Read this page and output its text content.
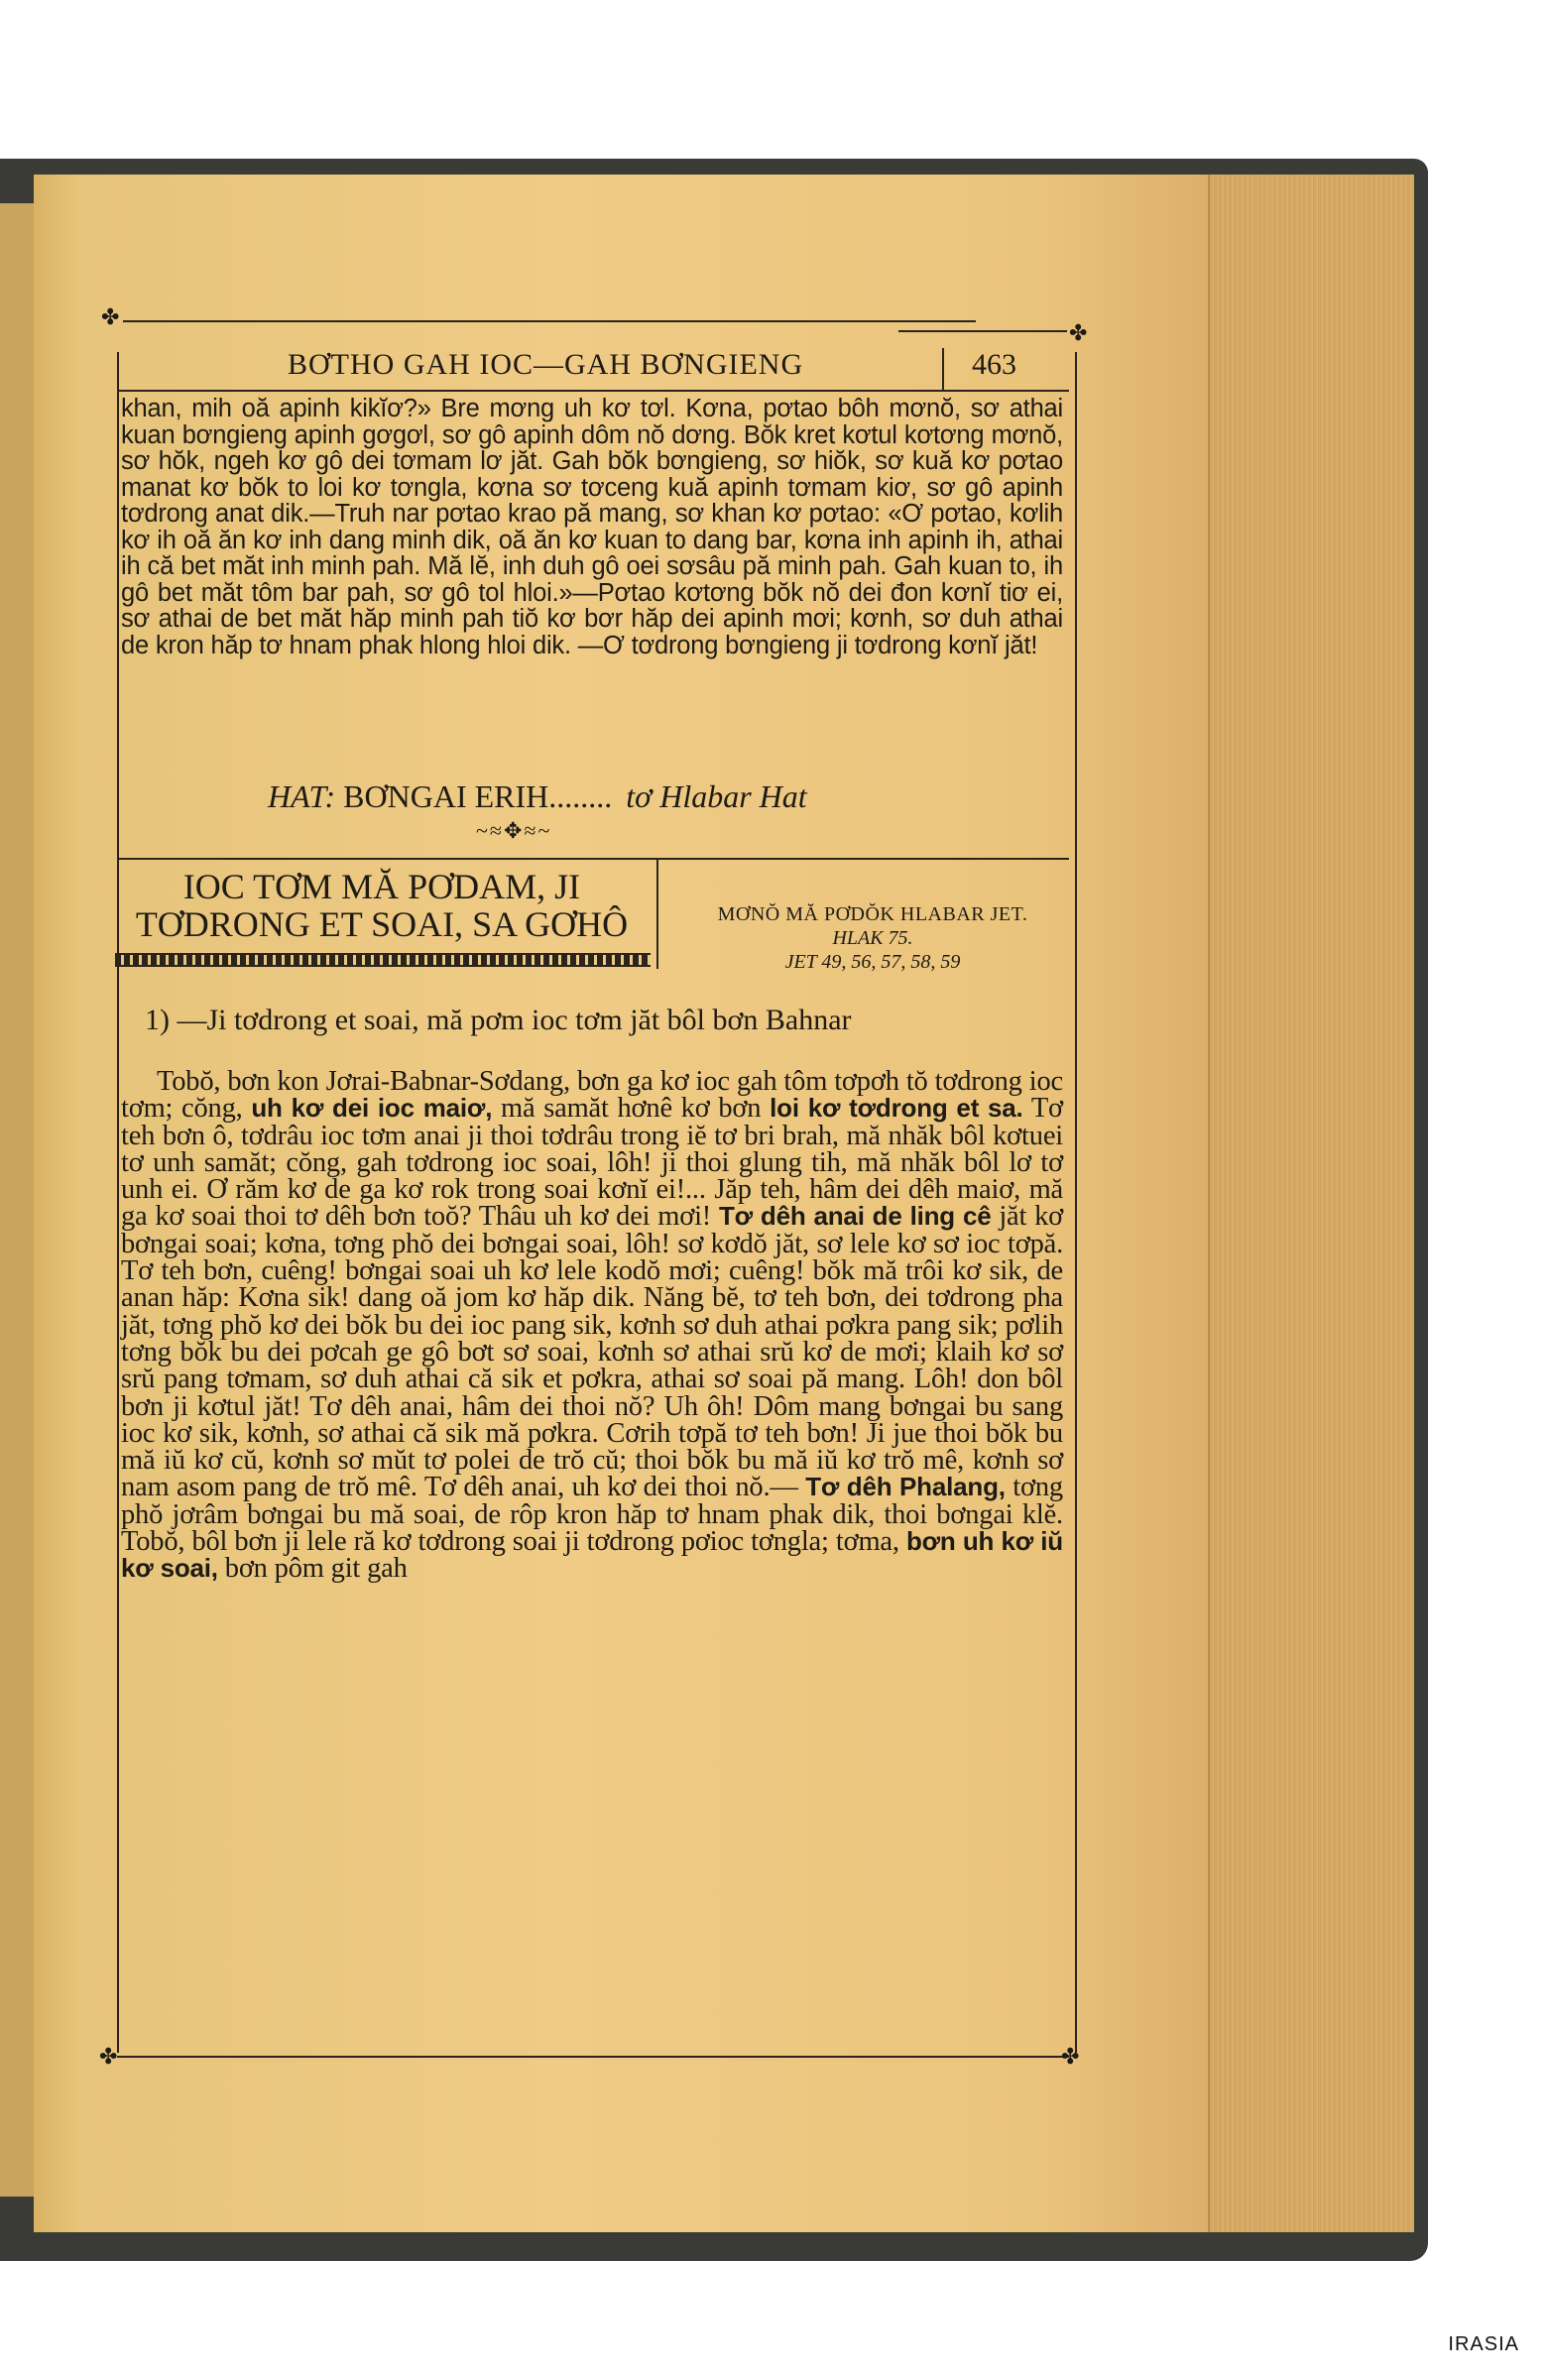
✤
✤
✤	✤
BƠTHO GAH IOC—GAH BƠNGIENG	463
khan, mih oă apinh kikĭơ?» Bre mơng uh kơ tơl. Kơna, pơtao bôh mơnŏ, sơ athai kuan bơngieng apinh gơgơl, sơ gô apinh dôm nŏ dơng. Bŏk kret kơtul kơtơng mơnŏ, sơ hŏk, ngeh kơ gô dei tơmam lơ jăt. Gah bŏk bơngieng, sơ hiŏk, sơ kuă kơ pơtao manat kơ bŏk to loi kơ tơngla, kơna sơ tơceng kuă apinh tơmam kiơ, sơ gô apinh tơdrong anat dik.—Truh nar pơtao krao pă mang, sơ khan kơ pơtao: «Ơ pơtao, kơlih kơ ih oă ăn kơ inh dang minh dik, oă ăn kơ kuan to dang bar, kơna inh apinh ih, athai ih că bet măt inh minh pah. Mă lĕ, inh duh gô oei sơsâu pă minh pah. Gah kuan to, ih gô bet măt tôm bar pah, sơ gô tol hloi.»—Pơtao kơtơng bŏk nŏ dei đon kơnĭ tiơ ei, sơ athai de bet măt hăp minh pah tiŏ kơ bơr hăp dei apinh mơi; kơnh, sơ duh athai de kron hăp tơ hnam phak hlong hloi dik. —Ơ tơdrong bơngieng ji tơdrong kơnĭ jăt!
HAT: BƠNGAI ERIH........ tơ Hlabar Hat
~≈✥≈~
IOC TƠM MĂ PƠDAM, JI
TƠDRONG ET SOAI, SA GƠHÔ	MƠNŎ MĂ PƠDŎK HLABAR JET.
HLAK 75.
JET 49, 56, 57, 58, 59
1) —Ji tơdrong et soai, mă pơm ioc tơm jăt bôl bơn Bahnar
Tobŏ, bơn kon Jơrai-Babnar-Sơdang, bơn ga kơ ioc gah tôm tơpơh tŏ tơdrong ioc tơm; cŏng, uh kơ dei ioc maiơ, mă samăt hơnê kơ bơn loi kơ tơdrong et sa. Tơ teh bơn ô, tơdrâu ioc tơm anai ji thoi tơdrâu trong iĕ tơ bri brah, mă nhăk bôl kơtuei tơ unh samăt; cŏng, gah tơdrong ioc soai, lôh! ji thoi glung tih, mă nhăk bôl lơ tơ unh ei. Ơ răm kơ de ga kơ rok trong soai kơnĭ ei!... Jăp teh, hâm dei dêh maiơ, mă ga kơ soai thoi tơ dêh bơn toŏ? Thâu uh kơ dei mơi! Tơ dêh anai de ling cê jăt kơ bơngai soai; kơna, tơng phŏ dei bơngai soai, lôh! sơ kơdŏ jăt, sơ lele kơ sơ ioc tơpă. Tơ teh bơn, cuêng! bơngai soai uh kơ lele kodŏ mơi; cuêng! bŏk mă trôi kơ sik, de anan hăp: Kơna sik! dang oă jom kơ hăp dik. Năng bĕ, tơ teh bơn, dei tơdrong pha jăt, tơng phŏ kơ dei bŏk bu dei ioc pang sik, kơnh sơ duh athai pơkra pang sik; pơlih tơng bŏk bu dei pơcah ge gô bơt sơ soai, kơnh sơ athai srŭ kơ de mơi; klaih kơ sơ srŭ pang tơmam, sơ duh athai că sik et pơkra, athai sơ soai pă mang. Lôh! don bôl bơn ji kơtul jăt! Tơ dêh anai, hâm dei thoi nŏ? Uh ôh! Dôm mang bơngai bu sang ioc kơ sik, kơnh, sơ athai că sik mă pơkra. Cơrih tơpă tơ teh bơn! Ji jue thoi bŏk bu mă iŭ kơ cŭ, kơnh sơ mŭt tơ polei de trŏ cŭ; thoi bŏk bu mă iŭ kơ trŏ mê, kơnh sơ nam asom pang de trŏ mê. Tơ dêh anai, uh kơ dei thoi nŏ.— Tơ dêh Phalang, tơng phŏ jơrâm bơngai bu mă soai, de rôp kron hăp tơ hnam phak dik, thoi bơngai klĕ. Tobŏ, bôl bơn ji lele ră kơ tơdrong soai ji tơdrong pơioc tơngla; tơma, bơn uh kơ iŭ kơ soai, bơn pôm git gah
IRASIA
